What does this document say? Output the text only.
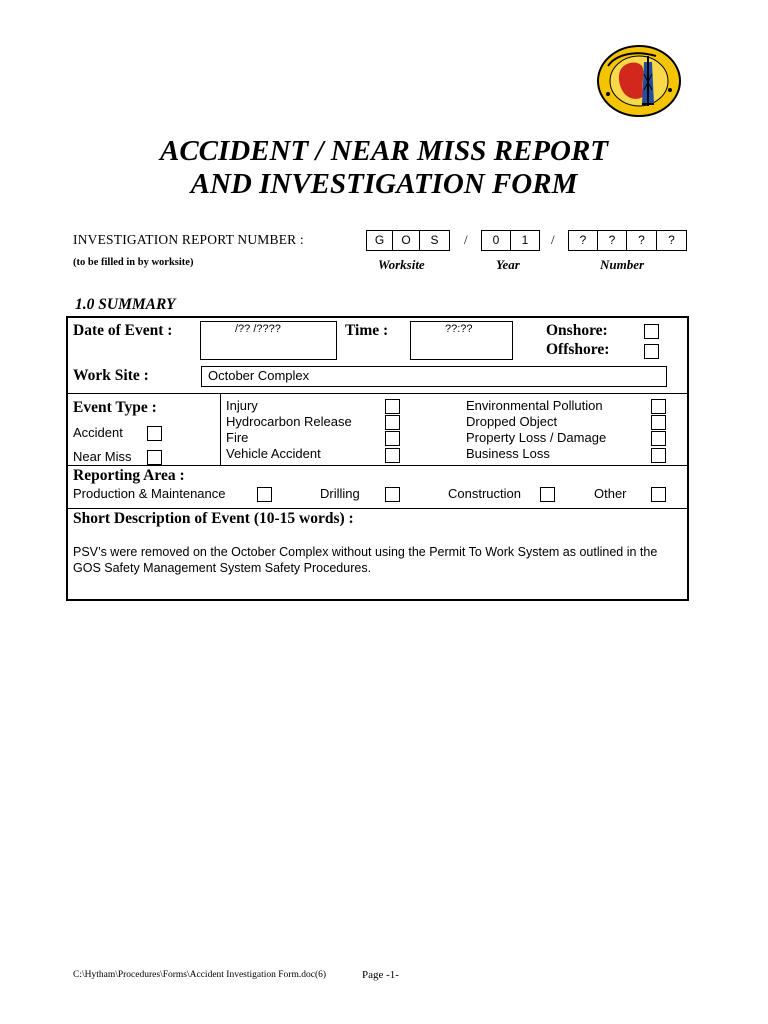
ACCIDENT / NEAR MISS REPORT
AND INVESTIGATION FORM
INVESTIGATION REPORT NUMBER :
(to be filled in by worksite)
G	O	S	/	0	1	/	?	?	?	?
Worksite	Year	Number
1.0 SUMMARY
Date of Event :	/?? /????	Time :	??:??	Onshore:
Offshore:
Work Site :	October Complex
Event Type :
Accident
Near Miss
Injury
Hydrocarbon Release
Fire
Vehicle Accident
Environmental Pollution
Dropped Object
Property Loss / Damage
Business Loss
Reporting Area :
Production & Maintenance	Drilling	Construction	Other
Short Description of Event (10-15 words) :
PSV’s were removed on the October Complex without using the Permit To Work System as outlined in the GOS Safety Management System Safety Procedures.
C:\Hytham\Procedures\Forms\Accident Investigation Form.doc(6)	Page -1-
